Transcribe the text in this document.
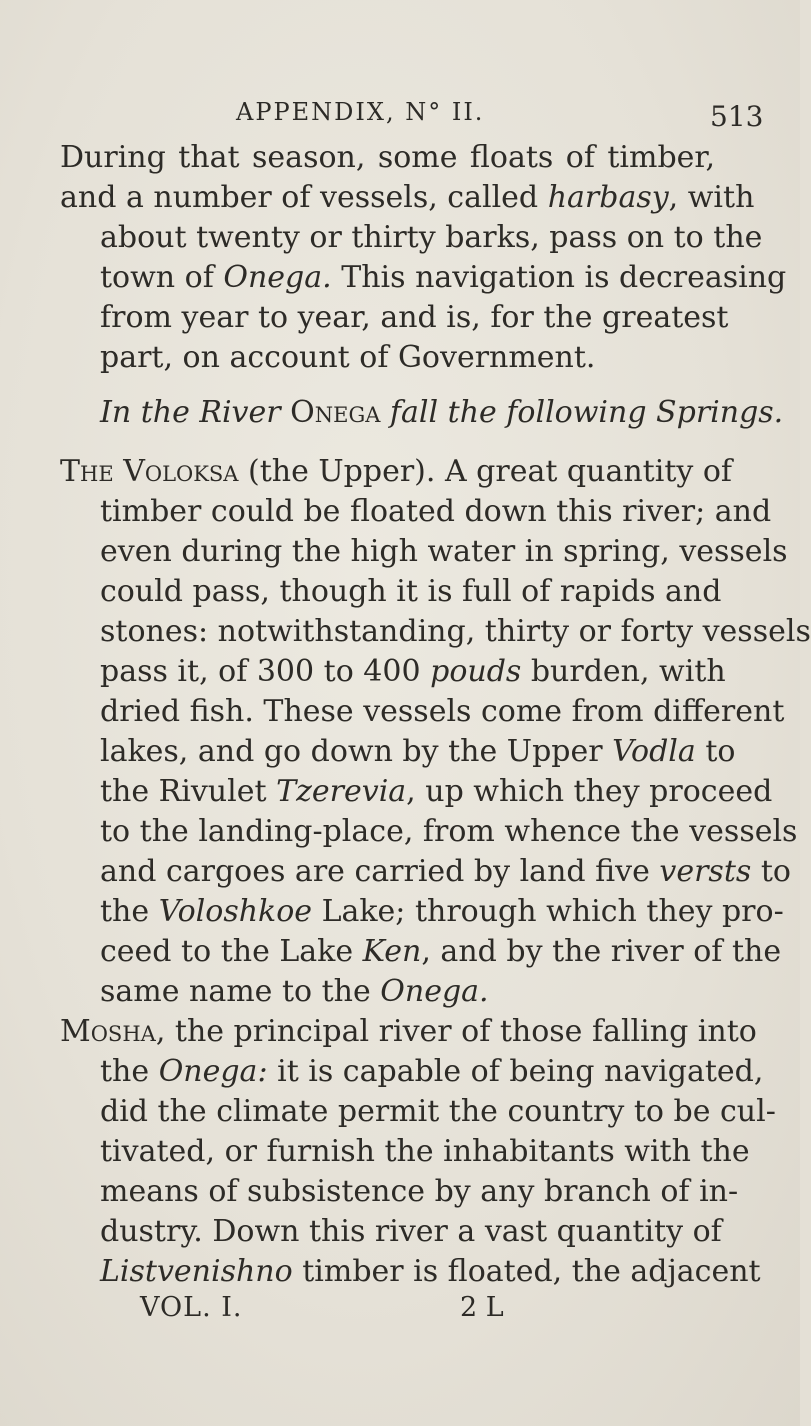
APPENDIX, N° II.	513
During that season, some floats of timber,
and a number of vessels, called harbasy, with
about twenty or thirty barks, pass on to the
town of Onega. This navigation is decreasing
from year to year, and is, for the greatest
part, on account of Government.
In the River Onega fall the following Springs.
The Voloksa (the Upper). A great quantity of
timber could be floated down this river; and
even during the high water in spring, vessels
could pass, though it is full of rapids and
stones: notwithstanding, thirty or forty vessels
pass it, of 300 to 400 pouds burden, with
dried fish. These vessels come from different
lakes, and go down by the Upper Vodla to
the Rivulet Tzerevia, up which they proceed
to the landing-place, from whence the vessels
and cargoes are carried by land five versts to
the Voloshkoe Lake; through which they pro-
ceed to the Lake Ken, and by the river of the
same name to the Onega.
Mosha, the principal river of those falling into
the Onega: it is capable of being navigated,
did the climate permit the country to be cul-
tivated, or furnish the inhabitants with the
means of subsistence by any branch of in-
dustry. Down this river a vast quantity of
Listvenishno timber is floated, the adjacent
VOL. I.	2 L
